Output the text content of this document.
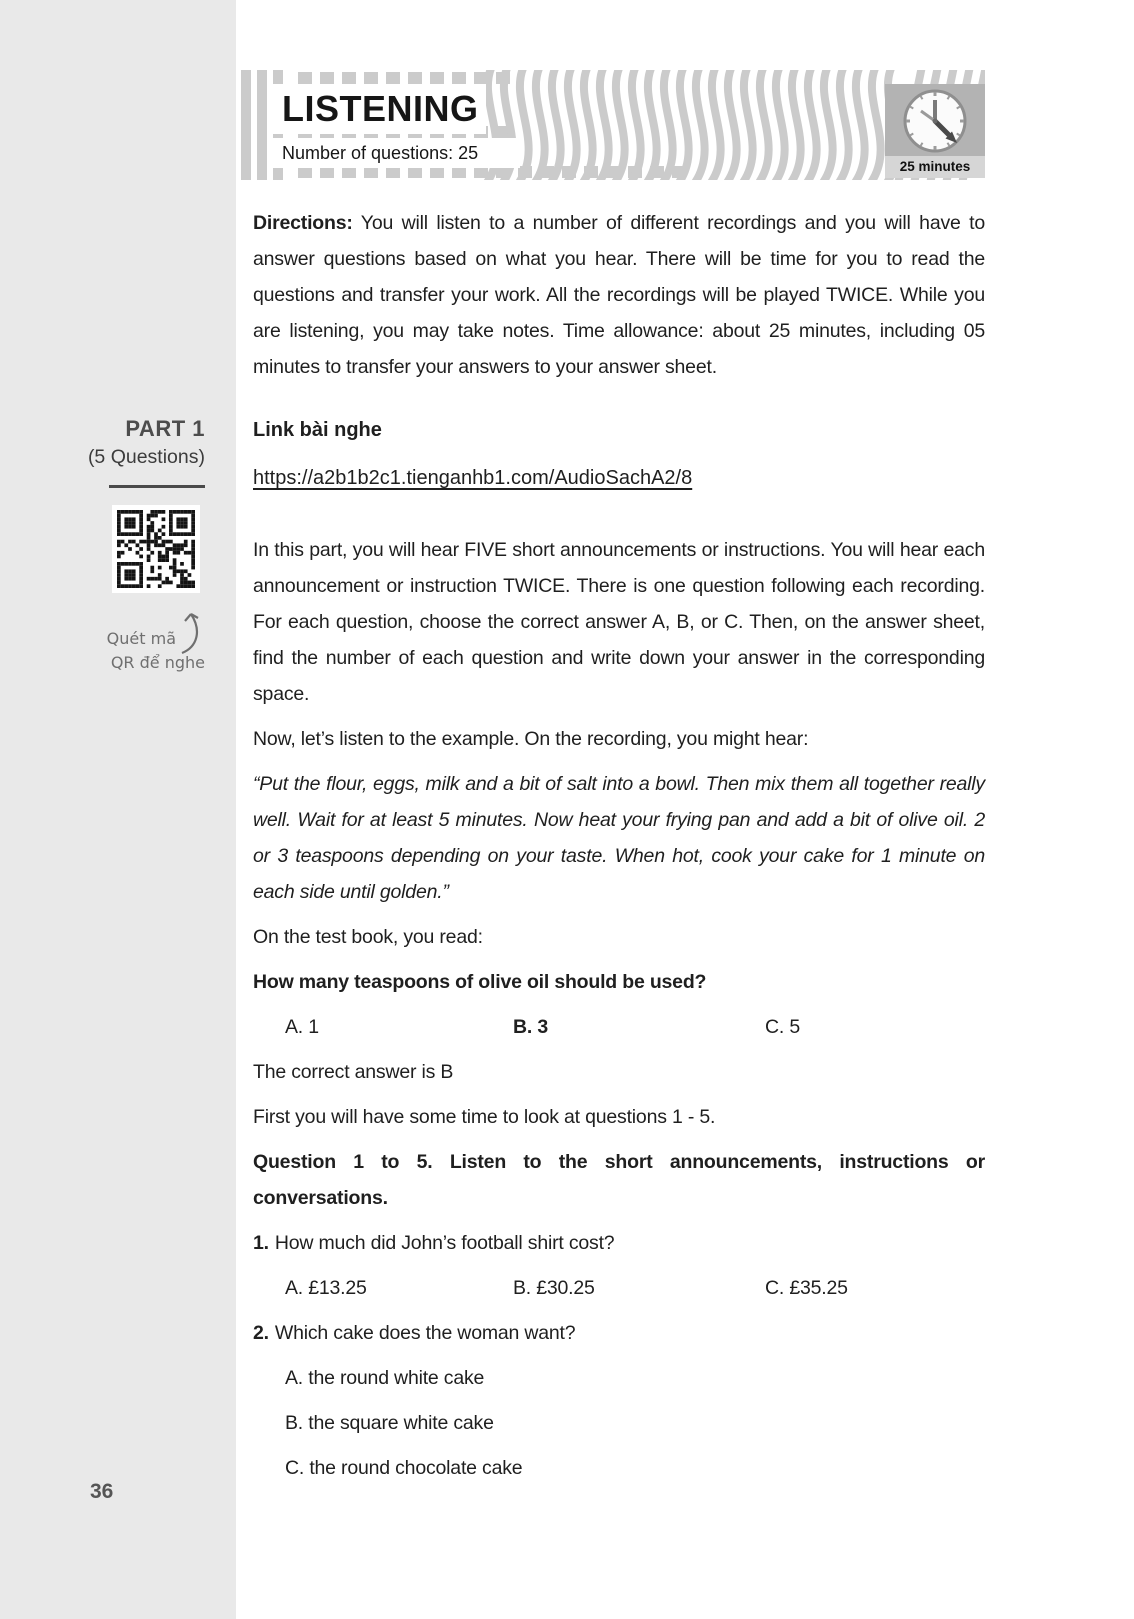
PART 1
(5 Questions)
Quét mã
QR để nghe
36
LISTENING
Number of questions: 25
25 minutes

Directions: You will listen to a number of different recordings and you will have to answer questions based on what you hear. There will be time for you to read the questions and transfer your work. All the recordings will be played TWICE. While you are listening, you may take notes. Time allowance: about 25 minutes, including 05 minutes to transfer your answers to your answer sheet.

Link bài nghe
https://a2b1b2c1.tienganhb1.com/AudioSachA2/8

In this part, you will hear FIVE short announcements or instructions. You will hear each announcement or instruction TWICE. There is one question following each recording. For each question, choose the correct answer A, B, or C. Then, on the answer sheet, find the number of each question and write down your answer in the corresponding space.

Now, let’s listen to the example. On the recording, you might hear:

“Put the flour, eggs, milk and a bit of salt into a bowl. Then mix them all together really well. Wait for at least 5 minutes. Now heat your frying pan and add a bit of olive oil. 2 or 3 teaspoons depending on your taste. When hot, cook your cake for 1 minute on each side until golden.”

On the test book, you read:

How many teaspoons of olive oil should be used?

A. 1	B. 3	C. 5

The correct answer is B

First you will have some time to look at questions 1 - 5.

Question 1 to 5. Listen to the short announcements, instructions or conversations.

1. How much did John’s football shirt cost?

A. £13.25	B. £30.25	C. £35.25

2. Which cake does the woman want?

A. the round white cake
B. the square white cake
C. the round chocolate cake
